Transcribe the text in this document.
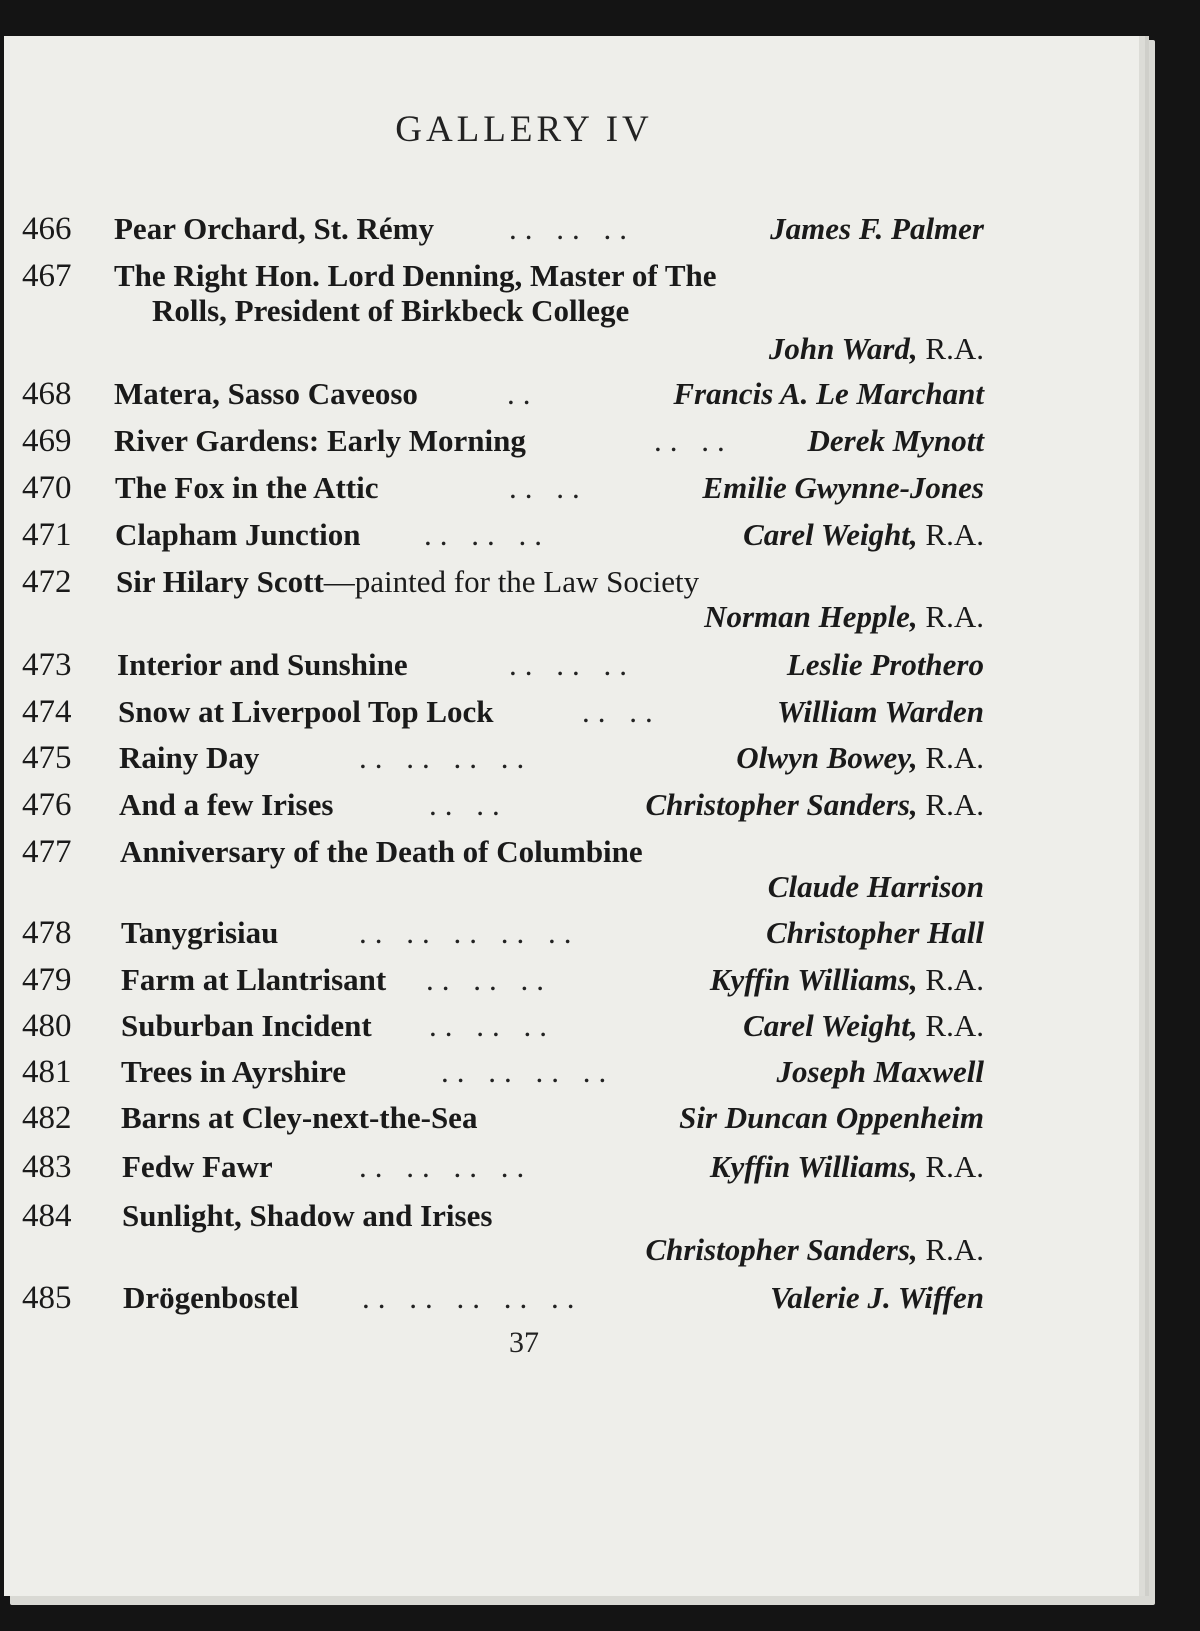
GALLERY IV
466	Pear Orchard, St. Rémy .. .. ..	James F. Palmer
467	The Right Hon. Lord Denning, Master of The
Rolls, President of Birkbeck College
John Ward, R.A.
468	Matera, Sasso Caveoso	..	Francis A. Le Marchant
469	River Gardens: Early Morning	.. .. Derek Mynott
470	The Fox in the Attic	.. ..	Emilie Gwynne-Jones
471	Clapham Junction .. .. ..	Carel Weight, R.A.
472	Sir Hilary Scott—painted for the Law Society
Norman Hepple, R.A.
473	Interior and Sunshine	.. .. ..	Leslie Prothero
474	Snow at Liverpool Top Lock	.. ..	William Warden
475	Rainy Day	.. .. .. ..	Olwyn Bowey, R.A.
476	And a few Irises	.. ..	Christopher Sanders, R.A.
477	Anniversary of the Death of Columbine
Claude Harrison
478	Tanygrisiau	.. .. .. .. ..	Christopher Hall
479	Farm at Llantrisant .. .. ..	Kyffin Williams, R.A.
480	Suburban Incident .. .. ..	Carel Weight, R.A.
481	Trees in Ayrshire	.. .. .. ..	Joseph Maxwell
482	Barns at Cley-next-the-Sea	Sir Duncan Oppenheim
483	Fedw Fawr	.. .. .. ..	Kyffin Williams, R.A.
484	Sunlight, Shadow and Irises
Christopher Sanders, R.A.
485	Drögenbostel .. .. .. .. ..	Valerie J. Wiffen
37
